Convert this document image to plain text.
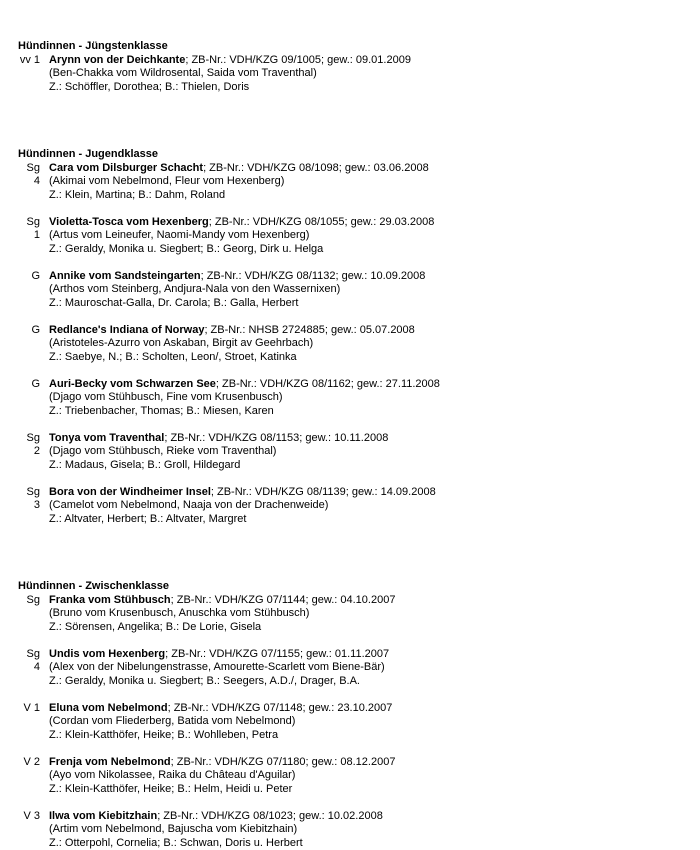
Hündinnen - Jüngstenklasse
vv 1 Arynn von der Deichkante; ZB-Nr.: VDH/KZG 09/1005; gew.: 09.01.2009
(Ben-Chakka vom Wildrosental, Saida vom Traventhal)
Z.: Schöffler, Dorothea; B.: Thielen, Doris
Hündinnen - Jugendklasse
Sg 4
Cara vom Dilsburger Schacht; ZB-Nr.: VDH/KZG 08/1098; gew.: 03.06.2008
(Akimai vom Nebelmond, Fleur vom Hexenberg)
Z.: Klein, Martina; B.: Dahm, Roland
Sg 1
Violetta-Tosca vom Hexenberg; ZB-Nr.: VDH/KZG 08/1055; gew.: 29.03.2008
(Artus vom Leineufer, Naomi-Mandy vom Hexenberg)
Z.: Geraldy, Monika u. Siegbert; B.: Georg, Dirk u. Helga
G Annike vom Sandsteingarten; ZB-Nr.: VDH/KZG 08/1132; gew.: 10.09.2008
(Arthos vom Steinberg, Andjura-Nala von den Wassernixen)
Z.: Mauroschat-Galla, Dr. Carola; B.: Galla, Herbert
G Redlance's Indiana of Norway; ZB-Nr.: NHSB 2724885; gew.: 05.07.2008
(Aristoteles-Azurro von Askaban, Birgit av Geehrbach)
Z.: Saebye, N.; B.: Scholten, Leon/, Stroet, Katinka
G Auri-Becky vom Schwarzen See; ZB-Nr.: VDH/KZG 08/1162; gew.: 27.11.2008
(Djago vom Stühbusch, Fine vom Krusenbusch)
Z.: Triebenbacher, Thomas; B.: Miesen, Karen
Sg 2
Tonya vom Traventhal; ZB-Nr.: VDH/KZG 08/1153; gew.: 10.11.2008
(Djago vom Stühbusch, Rieke vom Traventhal)
Z.: Madaus, Gisela; B.: Groll, Hildegard
Sg 3
Bora von der Windheimer Insel; ZB-Nr.: VDH/KZG 08/1139; gew.: 14.09.2008
(Camelot vom Nebelmond, Naaja von der Drachenweide)
Z.: Altvater, Herbert; B.: Altvater, Margret
Hündinnen - Zwischenklasse
Sg Franka vom Stühbusch; ZB-Nr.: VDH/KZG 07/1144; gew.: 04.10.2007
(Bruno vom Krusenbusch, Anuschka vom Stühbusch)
Z.: Sörensen, Angelika; B.: De Lorie, Gisela
Sg 4
Undis vom Hexenberg; ZB-Nr.: VDH/KZG 07/1155; gew.: 01.11.2007
(Alex von der Nibelungenstrasse, Amourette-Scarlett vom Biene-Bär)
Z.: Geraldy, Monika u. Siegbert; B.: Seegers, A.D./, Drager, B.A.
V 1 Eluna vom Nebelmond; ZB-Nr.: VDH/KZG 07/1148; gew.: 23.10.2007
(Cordan vom Fliederberg, Batida vom Nebelmond)
Z.: Klein-Katthöfer, Heike; B.: Wohlleben, Petra
V 2 Frenja vom Nebelmond; ZB-Nr.: VDH/KZG 07/1180; gew.: 08.12.2007
(Ayo vom Nikolassee, Raika du Château d'Aguilar)
Z.: Klein-Katthöfer, Heike; B.: Helm, Heidi u. Peter
V 3 Ilwa vom Kiebitzhain; ZB-Nr.: VDH/KZG 08/1023; gew.: 10.02.2008
(Artim vom Nebelmond, Bajuscha vom Kiebitzhain)
Z.: Otterpohl, Cornelia; B.: Schwan, Doris u. Herbert
